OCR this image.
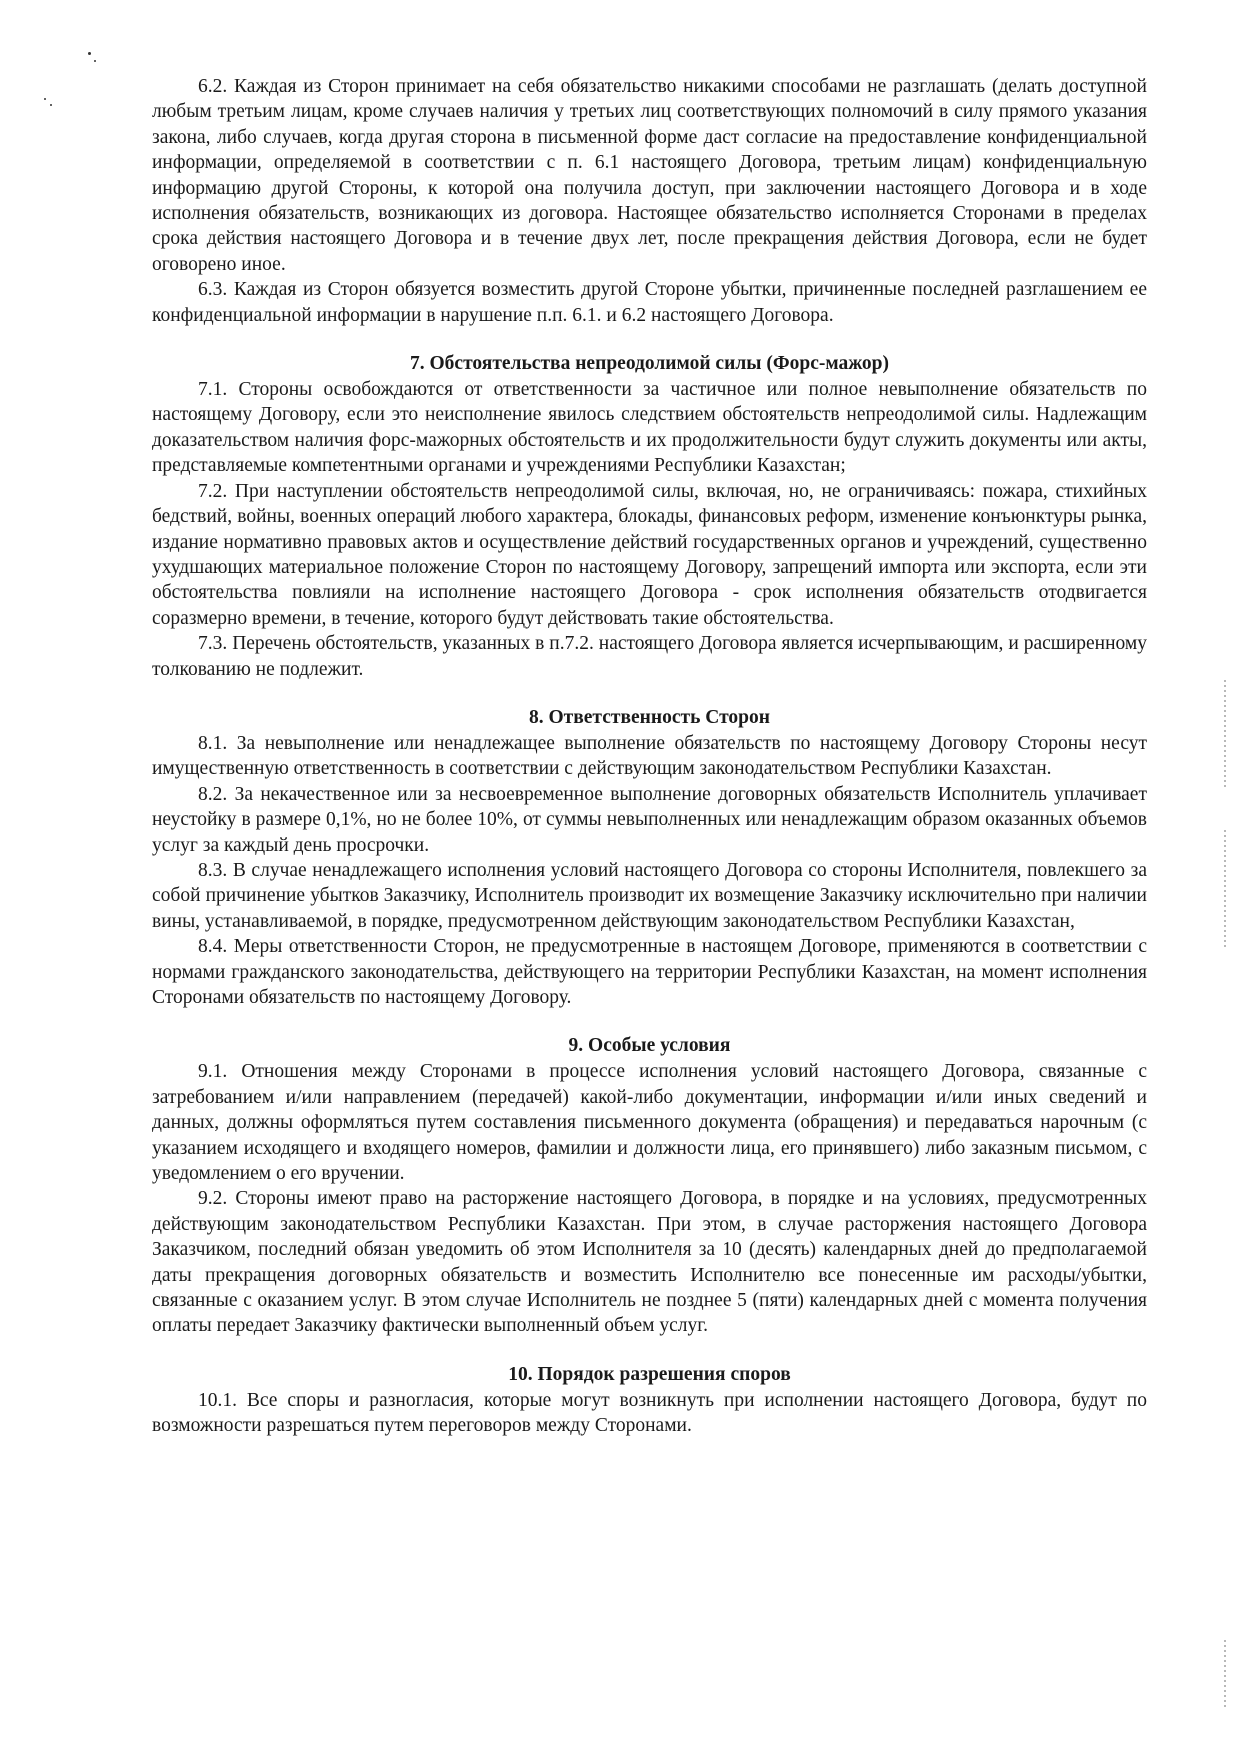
6.2. Каждая из Сторон принимает на себя обязательство никакими способами не разглашать (делать доступной любым третьим лицам, кроме случаев наличия у третьих лиц соответствующих полномочий в силу прямого указания закона, либо случаев, когда другая сторона в письменной форме даст согласие на предоставление конфиденциальной информации, определяемой в соответствии с п. 6.1 настоящего Договора, третьим лицам) конфиденциальную информацию другой Стороны, к которой она получила доступ, при заключении настоящего Договора и в ходе исполнения обязательств, возникающих из договора. Настоящее обязательство исполняется Сторонами в пределах срока действия настоящего Договора и в течение двух лет, после прекращения действия Договора, если не будет оговорено иное.

6.3. Каждая из Сторон обязуется возместить другой Стороне убытки, причиненные последней разглашением ее конфиденциальной информации в нарушение п.п. 6.1. и 6.2 настоящего Договора.

7. Обстоятельства непреодолимой силы (Форс-мажор)

7.1. Стороны освобождаются от ответственности за частичное или полное невыполнение обязательств по настоящему Договору, если это неисполнение явилось следствием обстоятельств непреодолимой силы. Надлежащим доказательством наличия форс-мажорных обстоятельств и их продолжительности будут служить документы или акты, представляемые компетентными органами и учреждениями Республики Казахстан;

7.2. При наступлении обстоятельств непреодолимой силы, включая, но, не ограничиваясь: пожара, стихийных бедствий, войны, военных операций любого характера, блокады, финансовых реформ, изменение конъюнктуры рынка, издание нормативно правовых актов и осуществление действий государственных органов и учреждений, существенно ухудшающих материальное положение Сторон по настоящему Договору, запрещений импорта или экспорта, если эти обстоятельства повлияли на исполнение настоящего Договора - срок исполнения обязательств отодвигается соразмерно времени, в течение, которого будут действовать такие обстоятельства.

7.3. Перечень обстоятельств, указанных в п.7.2. настоящего Договора является исчерпывающим, и расширенному толкованию не подлежит.

8. Ответственность Сторон

8.1. За невыполнение или ненадлежащее выполнение обязательств по настоящему Договору Стороны несут имущественную ответственность в соответствии с действующим законодательством Республики Казахстан.

8.2. За некачественное или за несвоевременное выполнение договорных обязательств Исполнитель уплачивает неустойку в размере 0,1%, но не более 10%, от суммы невыполненных или ненадлежащим образом оказанных объемов услуг за каждый день просрочки.

8.3. В случае ненадлежащего исполнения условий настоящего Договора со стороны Исполнителя, повлекшего за собой причинение убытков Заказчику, Исполнитель производит их возмещение Заказчику исключительно при наличии вины, устанавливаемой, в порядке, предусмотренном действующим законодательством Республики Казахстан,

8.4. Меры ответственности Сторон, не предусмотренные в настоящем Договоре, применяются в соответствии с нормами гражданского законодательства, действующего на территории Республики Казахстан, на момент исполнения Сторонами обязательств по настоящему Договору.

9. Особые условия

9.1. Отношения между Сторонами в процессе исполнения условий настоящего Договора, связанные с затребованием и/или направлением (передачей) какой-либо документации, информации и/или иных сведений и данных, должны оформляться путем составления письменного документа (обращения) и передаваться нарочным (с указанием исходящего и входящего номеров, фамилии и должности лица, его принявшего) либо заказным письмом, с уведомлением о его вручении.

9.2. Стороны имеют право на расторжение настоящего Договора, в порядке и на условиях, предусмотренных действующим законодательством Республики Казахстан. При этом, в случае расторжения настоящего Договора Заказчиком, последний обязан уведомить об этом Исполнителя за 10 (десять) календарных дней до предполагаемой даты прекращения договорных обязательств и возместить Исполнителю все понесенные им расходы/убытки, связанные с оказанием услуг. В этом случае Исполнитель не позднее 5 (пяти) календарных дней с момента получения оплаты передает Заказчику фактически выполненный объем услуг.

10. Порядок разрешения споров

10.1. Все споры и разногласия, которые могут возникнуть при исполнении настоящего Договора, будут по возможности разрешаться путем переговоров между Сторонами.
